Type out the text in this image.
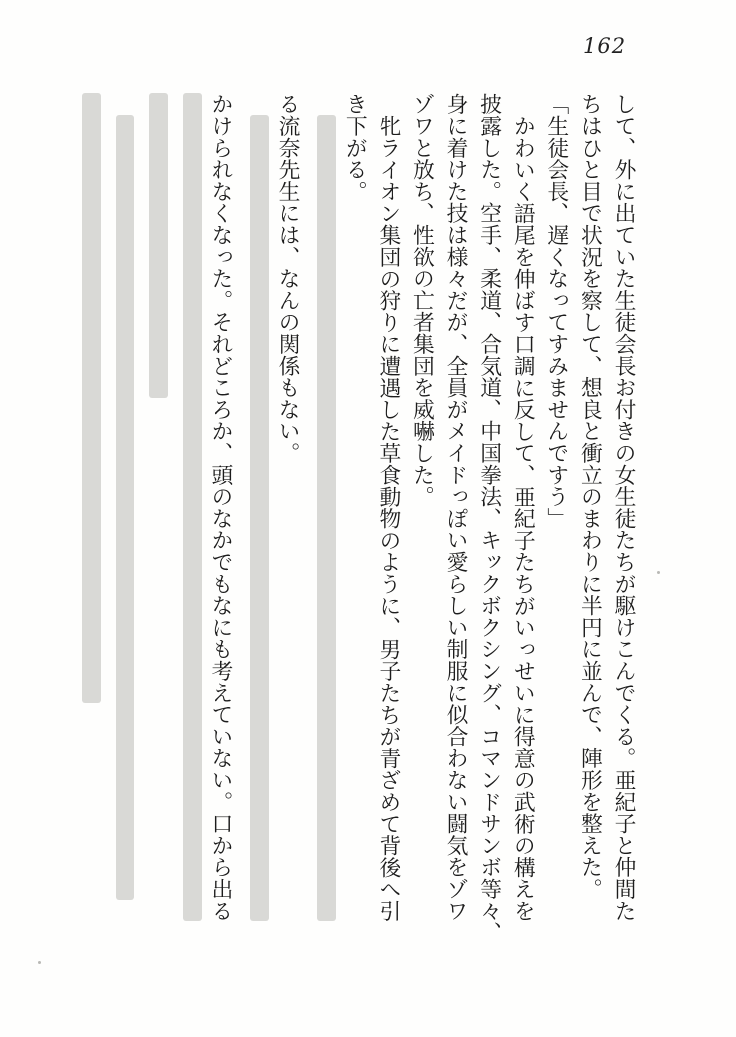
162
して、外に出ていた生徒会長お付きの女生徒たちが駆けこんでくる。亜紀子と仲間た
ちはひと目で状況を察して、想良と衝立のまわりに半円に並んで、陣形を整えた。
「生徒会長、遅くなってすみませんですう」
かわいく語尾を伸ばす口調に反して、亜紀子たちがいっせいに得意の武術の構えを
披露した。空手、柔道、合気道、中国拳法、キックボクシング、コマンドサンボ等々、
身に着けた技は様々だが、全員がメイドっぽい愛らしい制服に似合わない闘気をゾワ
ゾワと放ち、性欲の亡者集団を威嚇した。
牝ライオン集団の狩りに遭遇した草食動物のように、男子たちが青ざめて背後へ引
き下がる。
る流奈先生には、なんの関係もない。
かけられなくなった。それどころか、頭のなかでもなにも考えていない。口から出る
